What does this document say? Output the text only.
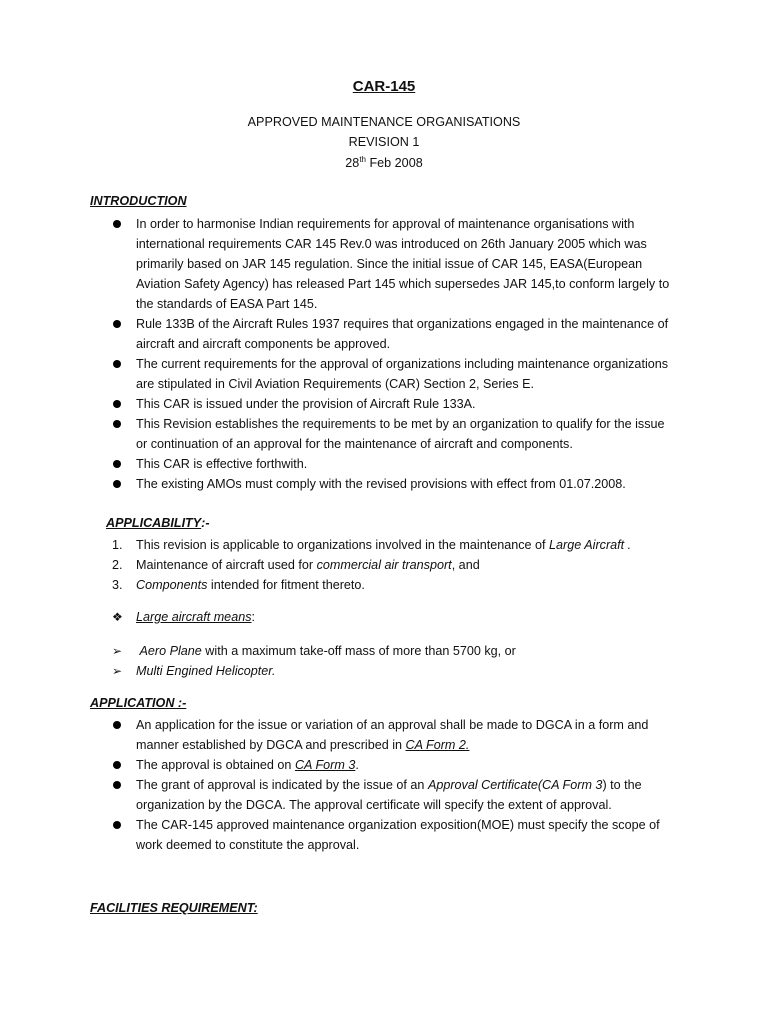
CAR-145
APPROVED MAINTENANCE ORGANISATIONS
REVISION 1
28th Feb 2008
INTRODUCTION
In order to harmonise Indian requirements for approval of maintenance organisations with international requirements CAR 145 Rev.0 was introduced on 26th January 2005 which was primarily based on JAR 145 regulation. Since the initial issue of CAR 145, EASA(European Aviation Safety Agency) has released Part 145 which supersedes JAR 145,to conform largely to the standards of EASA Part 145.
Rule 133B of the Aircraft Rules 1937 requires that organizations engaged in the maintenance of aircraft and aircraft components be approved.
The current requirements for the approval of organizations including maintenance organizations are stipulated in Civil Aviation Requirements (CAR) Section 2, Series E.
This CAR is issued under the provision of Aircraft Rule 133A.
This Revision establishes the requirements to be met by an organization to qualify for the issue or continuation of an approval for the maintenance of aircraft and components.
This CAR is effective forthwith.
The existing AMOs must comply with the revised provisions with effect from 01.07.2008.
APPLICABILITY:-
1. This revision is applicable to organizations involved in the maintenance of Large Aircraft .
2. Maintenance of aircraft used for commercial air transport, and
3. Components intended for fitment thereto.
❖ Large aircraft means:
➢ Aero Plane with a maximum take-off mass of more than 5700 kg, or
➢ Multi Engined Helicopter.
APPLICATION :-
An application for the issue or variation of an approval shall be made to DGCA in a form and manner established by DGCA and prescribed in CA Form 2.
The approval is obtained on CA Form 3.
The grant of approval is indicated by the issue of an Approval Certificate(CA Form 3) to the organization by the DGCA. The approval certificate will specify the extent of approval.
The CAR-145 approved maintenance organization exposition(MOE) must specify the scope of work deemed to constitute the approval.
FACILITIES REQUIREMENT:
